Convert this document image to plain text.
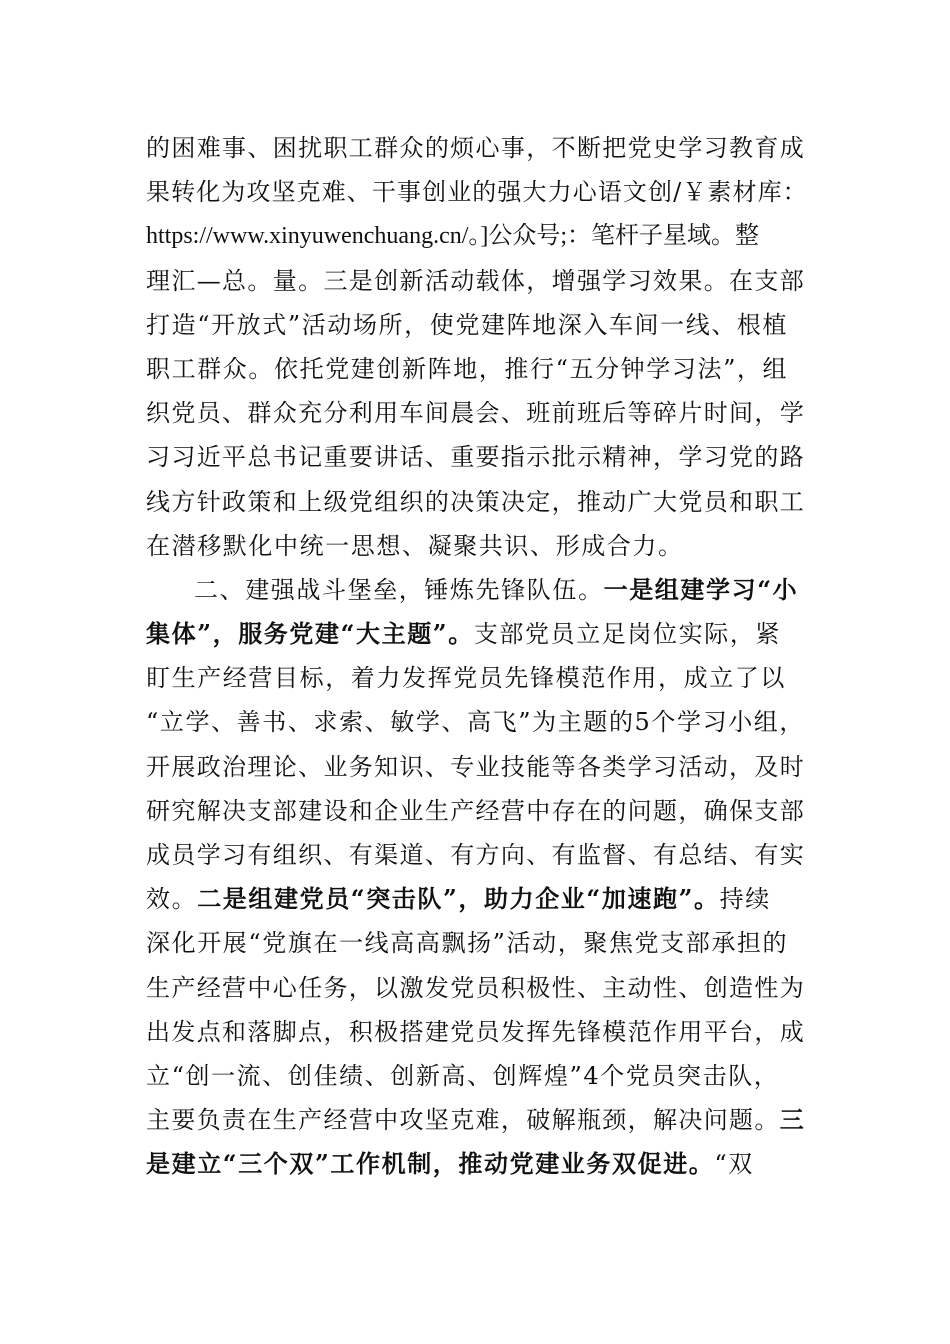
的困难事、困扰职工群众的烦心事，不断把党史学习教育成
果转化为攻坚克难、干事创业的强大力心语文创/￥素材库：
https://www.xinyuwenchuang.cn/。]公众号;：笔杆子星域。整
理汇—总。量。三是创新活动载体，增强学习效果。在支部
打造“开放式”活动场所，使党建阵地深入车间一线、根植
职工群众。依托党建创新阵地，推行“五分钟学习法”，组
织党员、群众充分利用车间晨会、班前班后等碎片时间，学
习习近平总书记重要讲话、重要指示批示精神，学习党的路
线方针政策和上级党组织的决策决定，推动广大党员和职工
在潜移默化中统一思想、凝聚共识、形成合力。
二、建强战斗堡垒，锤炼先锋队伍。一是组建学习“小
集体”，服务党建“大主题”。支部党员立足岗位实际，紧
盯生产经营目标，着力发挥党员先锋模范作用，成立了以
“立学、善书、求索、敏学、高飞”为主题的5个学习小组，
开展政治理论、业务知识、专业技能等各类学习活动，及时
研究解决支部建设和企业生产经营中存在的问题，确保支部
成员学习有组织、有渠道、有方向、有监督、有总结、有实
效。二是组建党员“突击队”，助力企业“加速跑”。持续
深化开展“党旗在一线高高飘扬”活动，聚焦党支部承担的
生产经营中心任务，以激发党员积极性、主动性、创造性为
出发点和落脚点，积极搭建党员发挥先锋模范作用平台，成
立“创一流、创佳绩、创新高、创辉煌”4个党员突击队，
主要负责在生产经营中攻坚克难，破解瓶颈，解决问题。三
是建立“三个双”工作机制，推动党建业务双促进。“双
